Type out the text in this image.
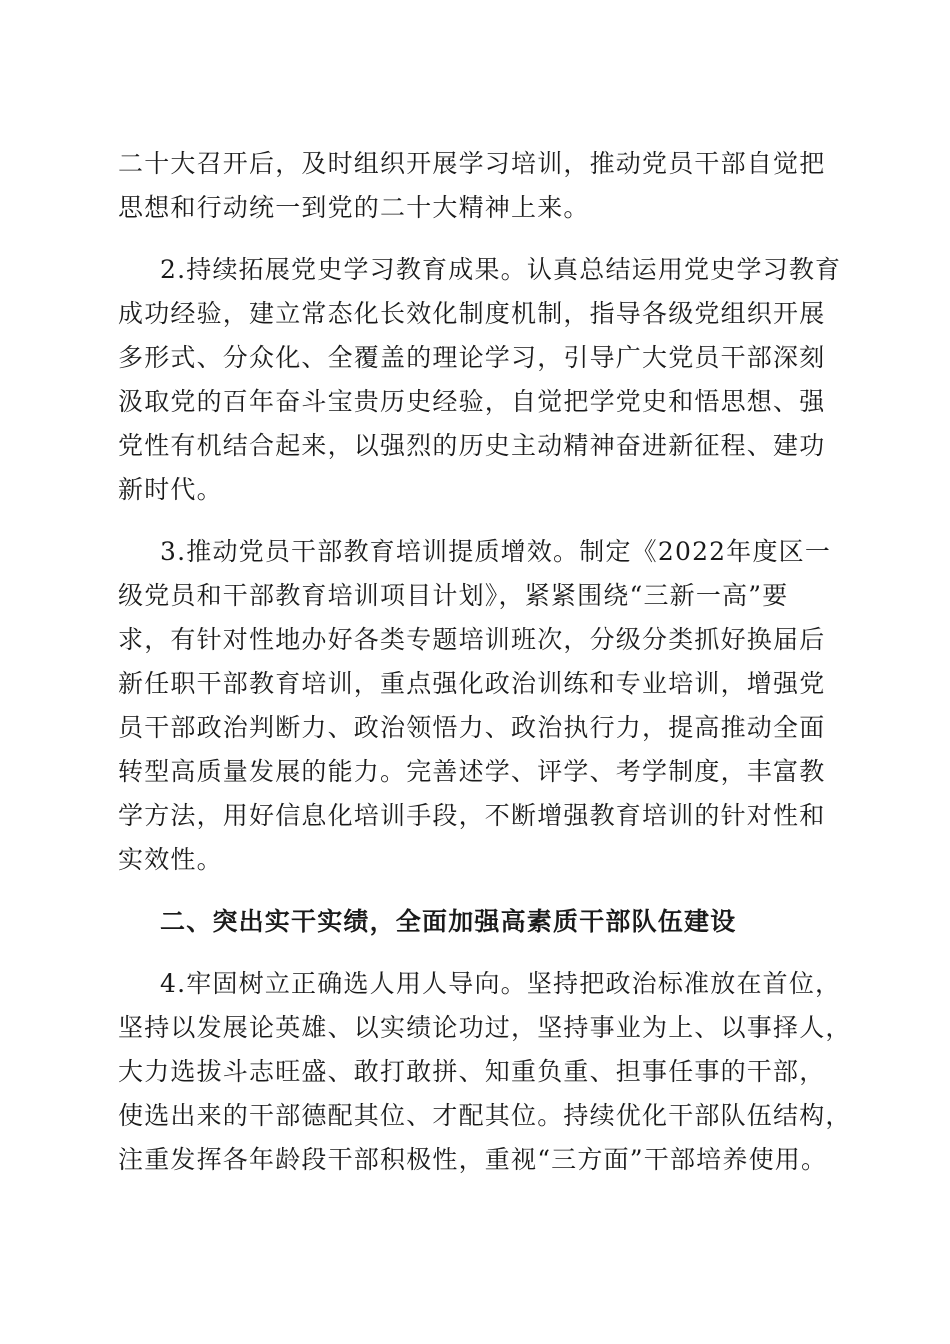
二十大召开后，及时组织开展学习培训，推动党员干部自觉把
思想和行动统一到党的二十大精神上来。
2.持续拓展党史学习教育成果。认真总结运用党史学习教育
成功经验，建立常态化长效化制度机制，指导各级党组织开展
多形式、分众化、全覆盖的理论学习，引导广大党员干部深刻
汲取党的百年奋斗宝贵历史经验，自觉把学党史和悟思想、强
党性有机结合起来，以强烈的历史主动精神奋进新征程、建功
新时代。
3.推动党员干部教育培训提质增效。制定《2022年度区一
级党员和干部教育培训项目计划》，紧紧围绕“三新一高”要
求，有针对性地办好各类专题培训班次，分级分类抓好换届后
新任职干部教育培训，重点强化政治训练和专业培训，增强党
员干部政治判断力、政治领悟力、政治执行力，提高推动全面
转型高质量发展的能力。完善述学、评学、考学制度，丰富教
学方法，用好信息化培训手段，不断增强教育培训的针对性和
实效性。
二、突出实干实绩，全面加强高素质干部队伍建设
4.牢固树立正确选人用人导向。坚持把政治标准放在首位，
坚持以发展论英雄、以实绩论功过，坚持事业为上、以事择人，
大力选拔斗志旺盛、敢打敢拼、知重负重、担事任事的干部，
使选出来的干部德配其位、才配其位。持续优化干部队伍结构，
注重发挥各年龄段干部积极性，重视“三方面”干部培养使用。
